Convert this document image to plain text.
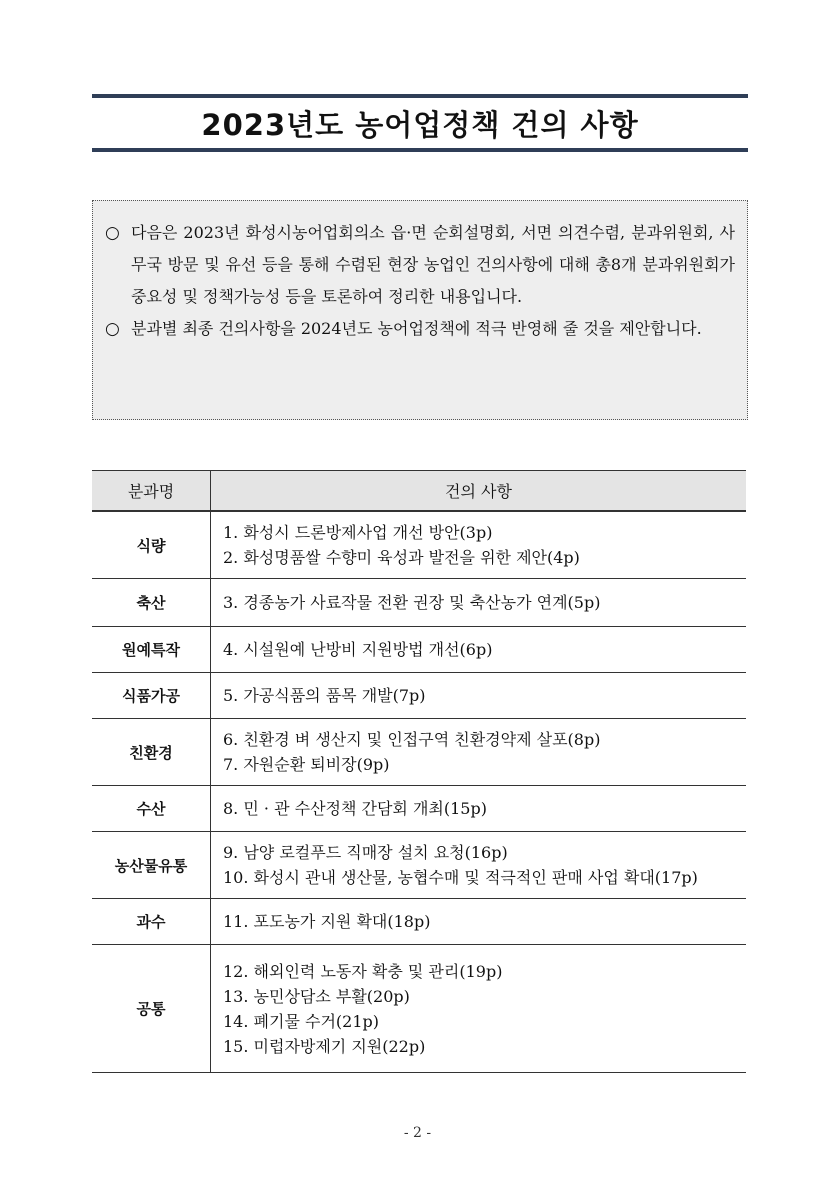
2023년도 농어업정책 건의 사항

○ 다음은 2023년 화성시농어업회의소 읍·면 순회설명회, 서면 의견수렴, 분과위원회, 사무국 방문 및 유선 등을 통해 수렴된 현장 농업인 건의사항에 대해 총8개 분과위원회가 중요성 및 정책가능성 등을 토론하여 정리한 내용입니다.

○ 분과별 최종 건의사항을 2024년도 농어업정책에 적극 반영해 줄 것을 제안합니다.

분과명	건의 사항
식량	1. 화성시 드론방제사업 개선 방안(3p)
2. 화성명품쌀 수향미 육성과 발전을 위한 제안(4p)

축산	3. 경종농가 사료작물 전환 권장 및 축산농가 연계(5p)

원예특작	4. 시설원예 난방비 지원방법 개선(6p)

식품가공	5. 가공식품의 품목 개발(7p)

친환경	6. 친환경 벼 생산지 및 인접구역 친환경약제 살포(8p)
7. 자원순환 퇴비장(9p)

수산	8. 민 · 관 수산정책 간담회 개최(15p)

농산물유통	9. 남양 로컬푸드 직매장 설치 요청(16p)
10. 화성시 관내 생산물, 농협수매 및 적극적인 판매 사업 확대(17p)

과수	11. 포도농가 지원 확대(18p)

공통	12. 해외인력 노동자 확충 및 관리(19p)
13. 농민상담소 부활(20p)
14. 폐기물 수거(21p)
15. 미럽자방제기 지원(22p)
- 2 -
